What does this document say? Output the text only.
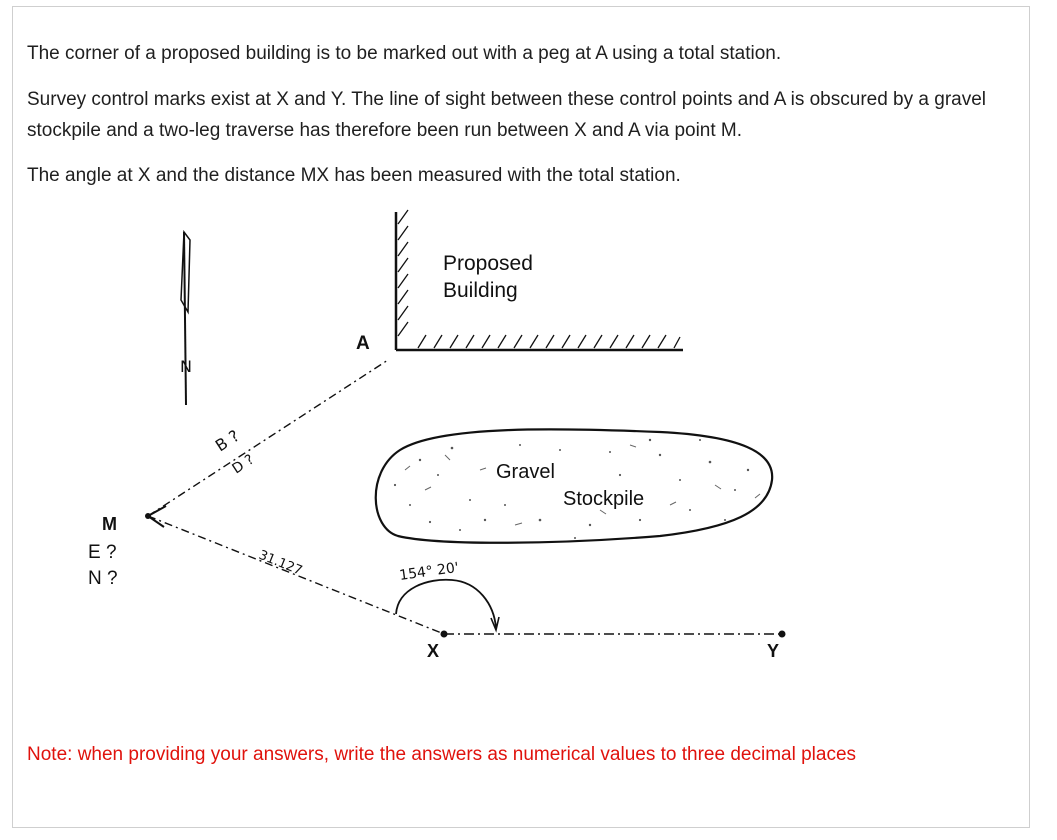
The corner of a proposed building is to be marked out with a peg at A using a total station.

Survey control marks exist at X and Y. The line of sight between these control points and A is obscured by a gravel stockpile and a two-leg traverse has therefore been run between X and A via point M.

The angle at X and the distance MX has been measured with the total station.

N
Proposed
Building
A
Gravel
Stockpile
M
E ?
N ?
B ?
D ?
31.127	154° 20'
X	Y

Note: when providing your answers, write the answers as numerical values to three decimal places
